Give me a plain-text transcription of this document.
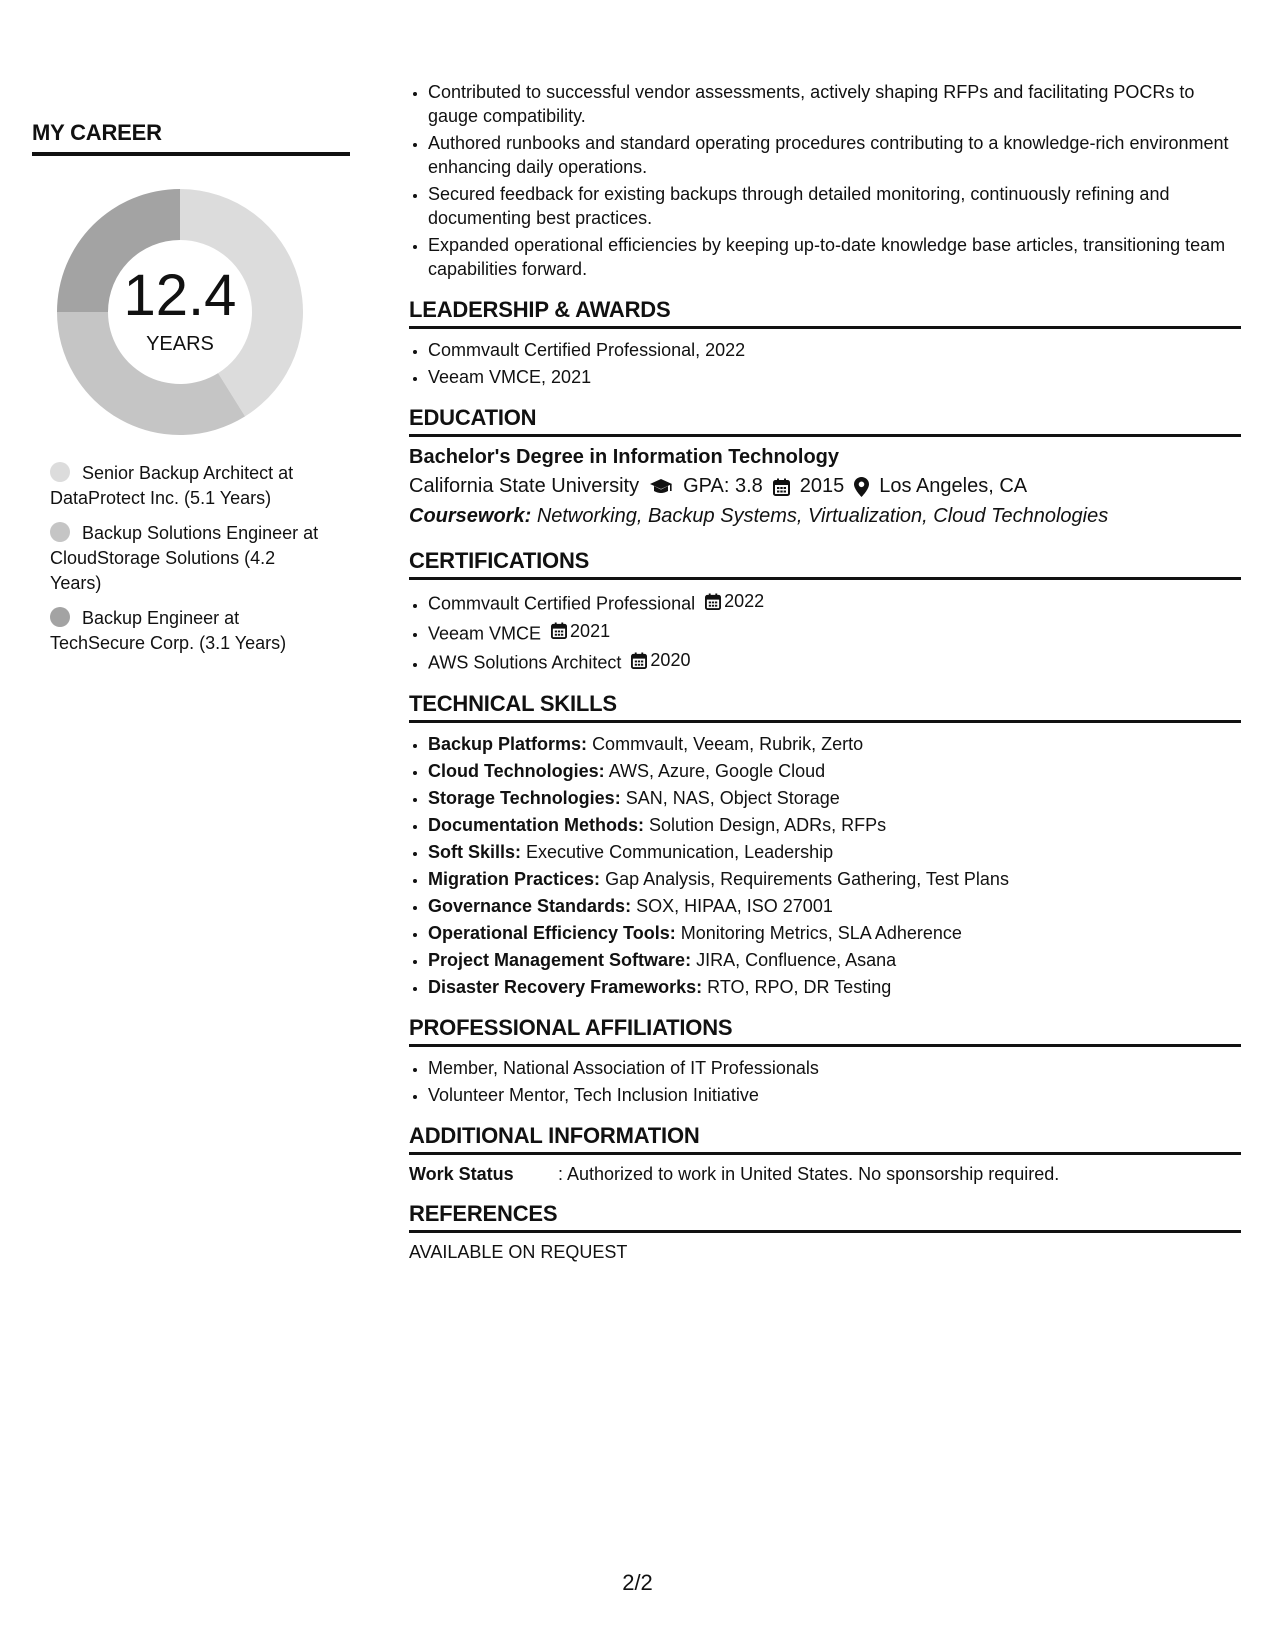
MY CAREER
12.4
YEARS
Senior Backup Architect at DataProtect Inc. (5.1 Years)
Backup Solutions Engineer at CloudStorage Solutions (4.2 Years)
Backup Engineer at TechSecure Corp. (3.1 Years)
• Contributed to successful vendor assessments, actively shaping RFPs and facilitating POCRs to gauge compatibility.
• Authored runbooks and standard operating procedures contributing to a knowledge-rich environment enhancing daily operations.
• Secured feedback for existing backups through detailed monitoring, continuously refining and documenting best practices.
• Expanded operational efficiencies by keeping up-to-date knowledge base articles, transitioning team capabilities forward.
LEADERSHIP & AWARDS
• Commvault Certified Professional, 2022
• Veeam VMCE, 2021
EDUCATION

Bachelor's Degree in Information Technology

California State University GPA: 3.8 2015 Los Angeles, CA

Coursework: Networking, Backup Systems, Virtualization, Cloud Technologies

CERTIFICATIONS
• Commvault Certified Professional 2022
• Veeam VMCE 2021
• AWS Solutions Architect 2020
TECHNICAL SKILLS
• Backup Platforms: Commvault, Veeam, Rubrik, Zerto
• Cloud Technologies: AWS, Azure, Google Cloud
• Storage Technologies: SAN, NAS, Object Storage
• Documentation Methods: Solution Design, ADRs, RFPs
• Soft Skills: Executive Communication, Leadership
• Migration Practices: Gap Analysis, Requirements Gathering, Test Plans
• Governance Standards: SOX, HIPAA, ISO 27001
• Operational Efficiency Tools: Monitoring Metrics, SLA Adherence
• Project Management Software: JIRA, Confluence, Asana
• Disaster Recovery Frameworks: RTO, RPO, DR Testing
PROFESSIONAL AFFILIATIONS
• Member, National Association of IT Professionals
• Volunteer Mentor, Tech Inclusion Initiative
ADDITIONAL INFORMATION
Work Status	: Authorized to work in United States. No sponsorship required.
REFERENCES

AVAILABLE ON REQUEST

2/2
